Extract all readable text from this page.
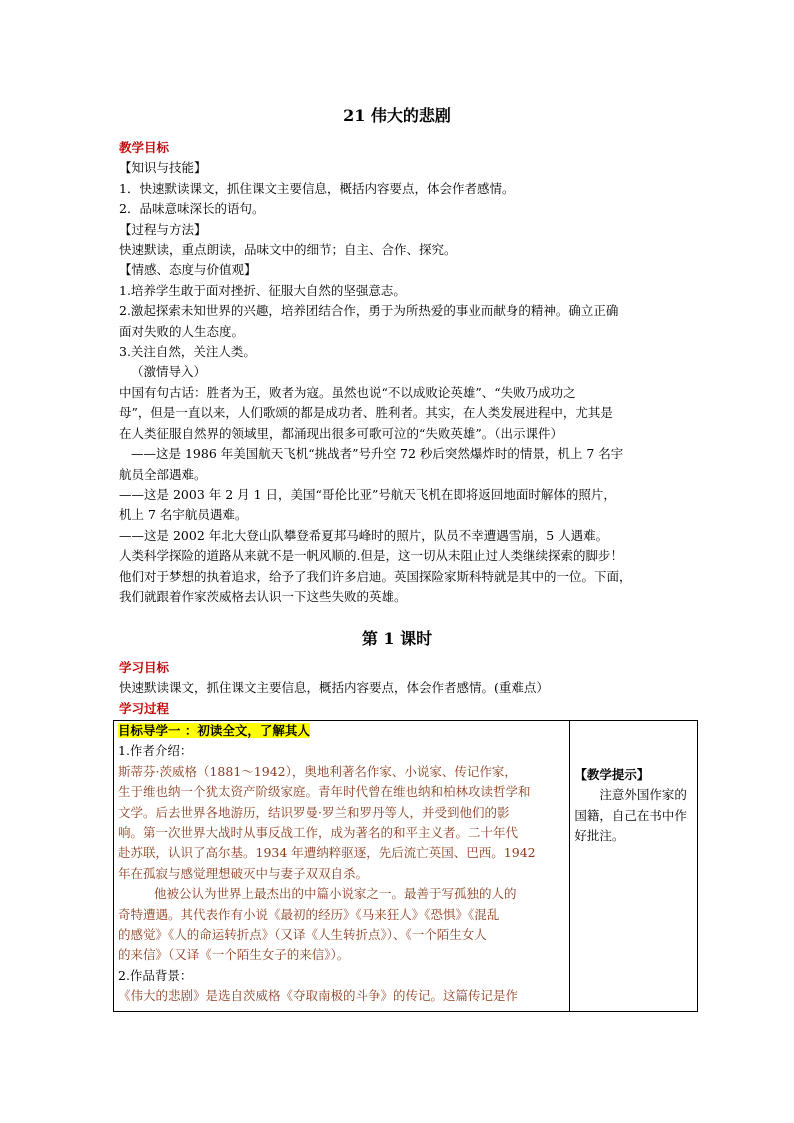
21 伟大的悲剧
教学目标
【知识与技能】
1．快速默读课文，抓住课文主要信息，概括内容要点，体会作者感情。
2．品味意味深长的语句。
【过程与方法】
快速默读，重点朗读，品味文中的细节；自主、合作、探究。
【情感、态度与价值观】
1.培养学生敢于面对挫折、征服大自然的坚强意志。
2.激起探索未知世界的兴趣，培养团结合作，勇于为所热爱的事业而献身的精神。确立正确
面对失败的人生态度。
3.关注自然，关注人类。
（激情导入）
中国有句古话：胜者为王，败者为寇。虽然也说“不以成败论英雄”、“失败乃成功之
母”，但是一直以来，人们歌颂的都是成功者、胜利者。其实，在人类发展进程中，尤其是
在人类征服自然界的领域里，都涌现出很多可歌可泣的“失败英雄”。（出示课件）
——这是 1986 年美国航天飞机“挑战者”号升空 72 秒后突然爆炸时的情景，机上 7 名宇
航员全部遇难。
——这是 2003 年 2 月 1 日，美国“哥伦比亚”号航天飞机在即将返回地面时解体的照片，
机上 7 名宇航员遇难。
——这是 2002 年北大登山队攀登希夏邦马峰时的照片，队员不幸遭遇雪崩，5 人遇难。
人类科学探险的道路从来就不是一帆风顺的.但是，这一切从未阻止过人类继续探索的脚步！
他们对于梦想的执着追求，给予了我们许多启迪。英国探险家斯科特就是其中的一位。下面，
我们就跟着作家茨威格去认识一下这些失败的英雄。
第 1 课时
学习目标
快速默读课文，抓住课文主要信息，概括内容要点，体会作者感情。(重难点）
学习过程
目标导学一 ：初读全文，了解其人
1.作者介绍：
斯蒂芬·茨威格（1881～1942），奥地利著名作家、小说家、传记作家，
生于维也纳一个犹太资产阶级家庭。青年时代曾在维也纳和柏林攻读哲学和
文学。后去世界各地游历，结识罗曼·罗兰和罗丹等人，并受到他们的影
响。第一次世界大战时从事反战工作，成为著名的和平主义者。二十年代
赴苏联，认识了高尔基。1934 年遭纳粹驱逐，先后流亡英国、巴西。1942
年在孤寂与感觉理想破灭中与妻子双双自杀。
他被公认为世界上最杰出的中篇小说家之一。最善于写孤独的人的
奇特遭遇。其代表作有小说《最初的经历》《马来狂人》《恐惧》《混乱
的感觉》《人的命运转折点》（又译《人生转折点》）、《一个陌生女人
的来信》（又译《一个陌生女子的来信》）。
2.作品背景：
《伟大的悲剧》是选自茨威格《夺取南极的斗争》的传记。这篇传记是作

【教学提示】
注意外国作家的国籍，自己在书中作好批注。
